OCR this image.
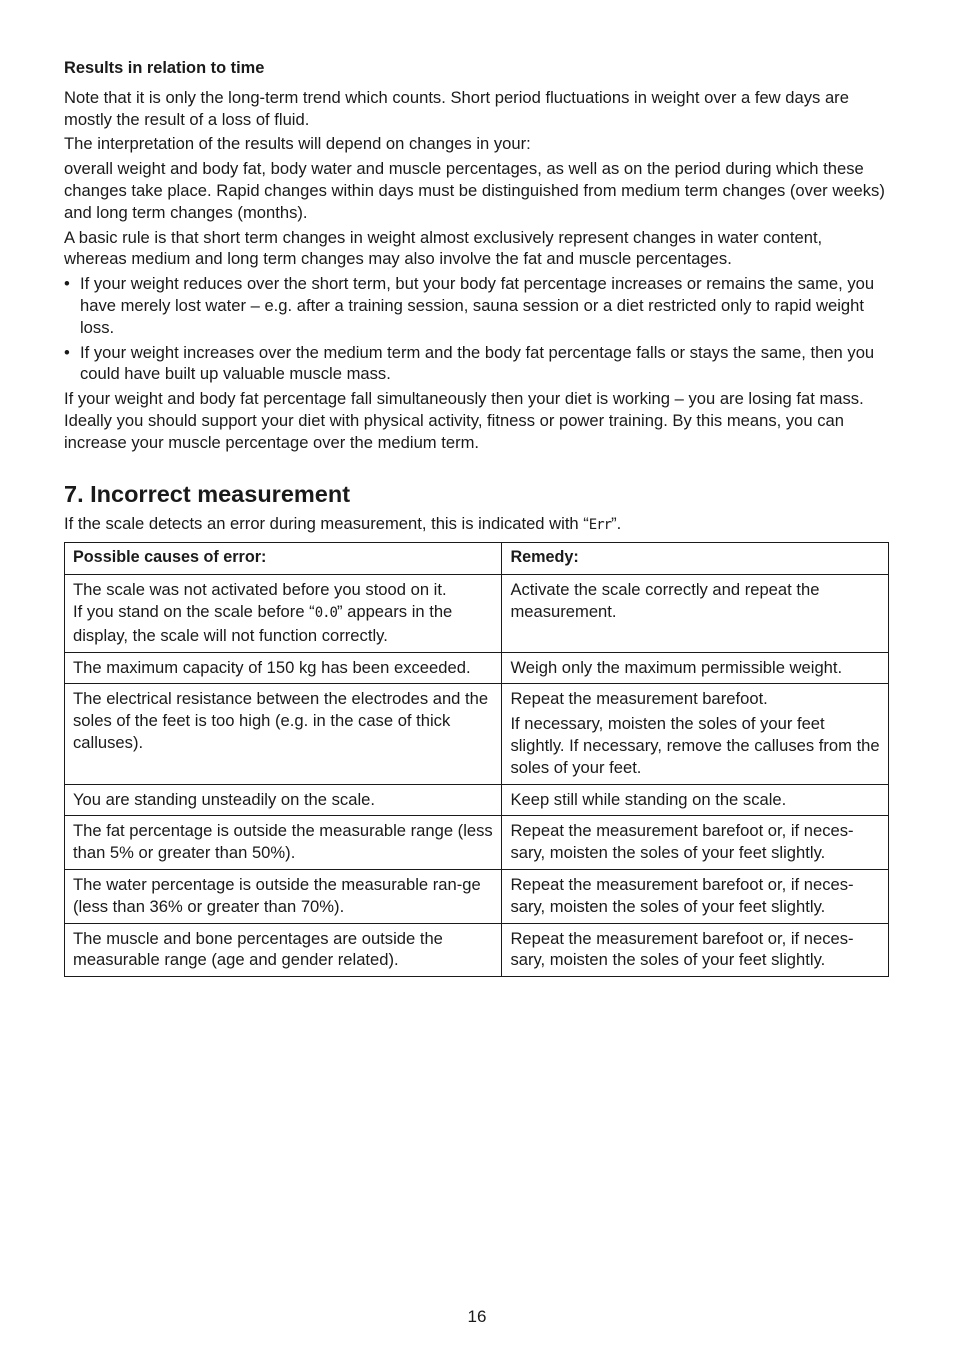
Results in relation to time

Note that it is only the long-term trend which counts. Short period fluctuations in weight over a few days are mostly the result of a loss of fluid.

The interpretation of the results will depend on changes in your:

overall weight and body fat, body water and muscle percentages, as well as on the period during which these changes take place. Rapid changes within days must be distinguished from medium term changes (over weeks) and long term changes (months).

A basic rule is that short term changes in weight almost exclusively represent changes in water content, whereas medium and long term changes may also involve the fat and muscle percentages.

• If your weight reduces over the short term, but your body fat percentage increases or remains the same, you have merely lost water – e.g. after a training session, sauna session or a diet restricted only to rapid weight loss.
• If your weight increases over the medium term and the body fat percentage falls or stays the same, then you could have built up valuable muscle mass.

If your weight and body fat percentage fall simultaneously then your diet is working – you are losing fat mass. Ideally you should support your diet with physical activity, fitness or power training. By this means, you can increase your muscle percentage over the medium term.

7. Incorrect measurement

If the scale detects an error during measurement, this is indicated with “Err”.

Possible causes of error:	Remedy:
The scale was not activated before you stood on it.
If you stand on the scale before “0.0” appears in the display, the scale will not function correctly.	Activate the scale correctly and repeat the measurement.
The maximum capacity of 150 kg has been exceeded.	Weigh only the maximum permissible weight.

The electrical resistance between the electrodes and the soles of the feet is too high (e.g. in the case of thick calluses).	Repeat the measurement barefoot.
If necessary, moisten the soles of your feet slightly. If necessary, remove the calluses from the soles of your feet.

You are standing unsteadily on the scale.	Keep still while standing on the scale.

The fat percentage is outside the measurable range (less than 5% or greater than 50%).	Repeat the measurement barefoot or, if neces-sary, moisten the soles of your feet slightly.

The water percentage is outside the measurable ran-ge (less than 36% or greater than 70%).	Repeat the measurement barefoot or, if neces-sary, moisten the soles of your feet slightly.

The muscle and bone percentages are outside the measurable range (age and gender related).	Repeat the measurement barefoot or, if neces-sary, moisten the soles of your feet slightly.
16
